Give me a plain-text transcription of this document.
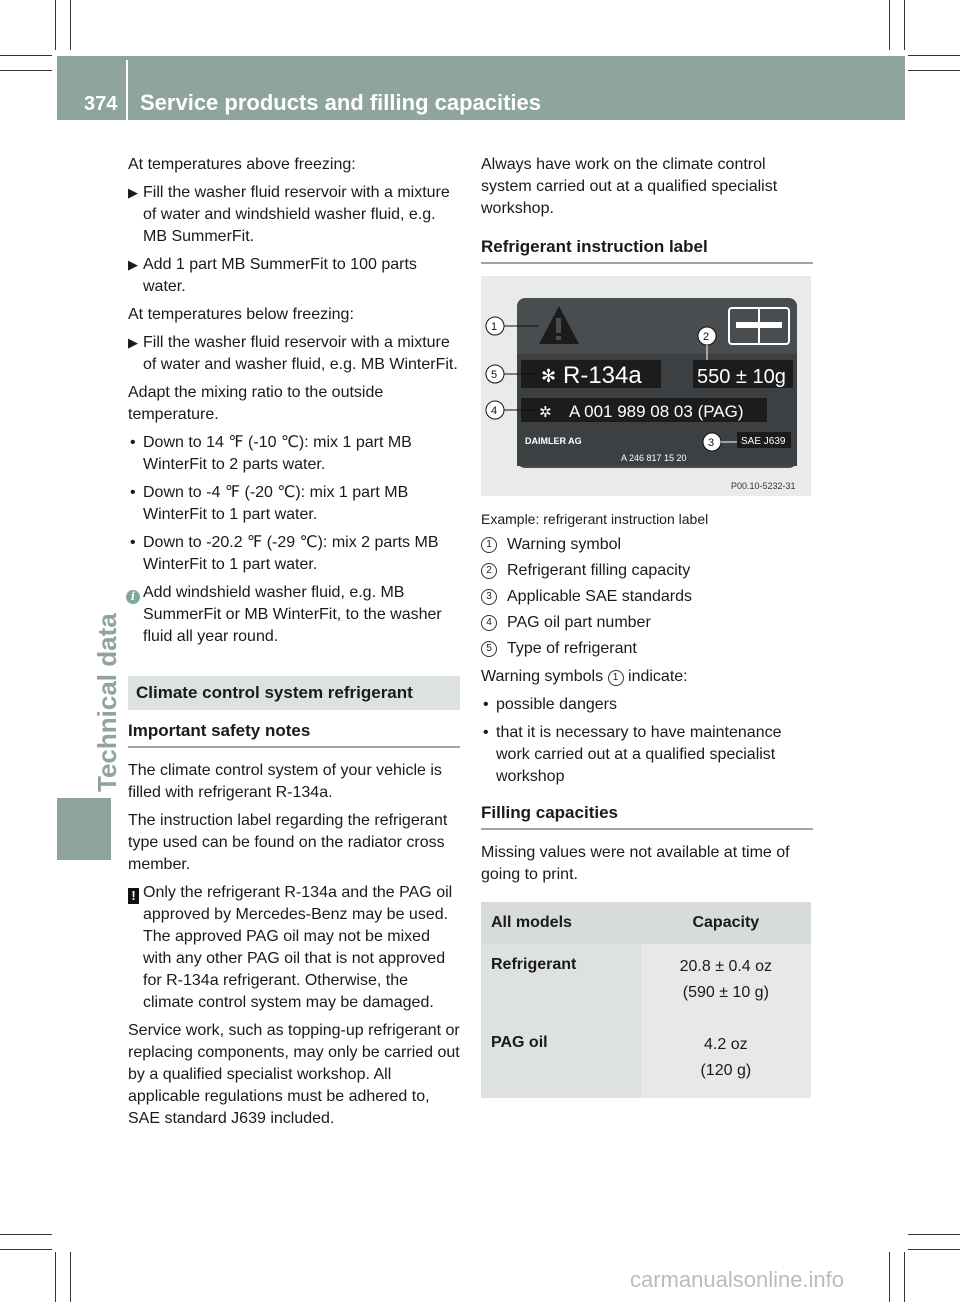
374 Service products and filling capacities
Technical data

At temperatures above freezing:

▶ Fill the washer fluid reservoir with a mixture of water and windshield washer fluid, e.g. MB SummerFit.
▶ Add 1 part MB SummerFit to 100 parts water.

At temperatures below freezing:

▶ Fill the washer fluid reservoir with a mixture of water and washer fluid, e.g. MB WinterFit.

Adapt the mixing ratio to the outside temperature.

• Down to 14 ℉ (‑10 ℃): mix 1 part MB WinterFit to 2 parts water.
• Down to ‑4 ℉ (‑20 ℃): mix 1 part MB WinterFit to 1 part water.
• Down to ‑20.2 ℉ (‑29 ℃): mix 2 parts MB WinterFit to 1 part water.
i Add windshield washer fluid, e.g. MB SummerFit or MB WinterFit, to the washer fluid all year round.
Climate control system refrigerant
Important safety notes

The climate control system of your vehicle is filled with refrigerant R-134a.

The instruction label regarding the refrigerant type used can be found on the radiator cross member.

! Only the refrigerant R-134a and the PAG oil approved by Mercedes-Benz may be used. The approved PAG oil may not be mixed with any other PAG oil that is not approved for R-134a refrigerant. Otherwise, the climate control system may be damaged.

Service work, such as topping-up refrigerant or replacing components, may only be carried out by a qualified specialist workshop. All applicable regulations must be adhered to, SAE standard J639 included.

Always have work on the climate control system carried out at a qualified specialist workshop.

Refrigerant instruction label
✻ R-134a	550 ± 10g
✲ A 001 989 08 03 (PAG)
DAIMLER AG	SAE J639
A 246 817 15 20
P00.10-5232-31
1
2
3
4
5
Example: refrigerant instruction label
1 Warning symbol
2 Refrigerant filling capacity
3 Applicable SAE standards
4 PAG oil part number
5 Type of refrigerant

Warning symbols 1 indicate:

• possible dangers
• that it is necessary to have maintenance work carried out at a qualified specialist workshop
Filling capacities

Missing values were not available at time of going to print.

All models	Capacity
Refrigerant	20.8 ± 0.4 oz
(590 ± 10 g)

PAG oil	4.2 oz
(120 g)
carmanualsonline.info
